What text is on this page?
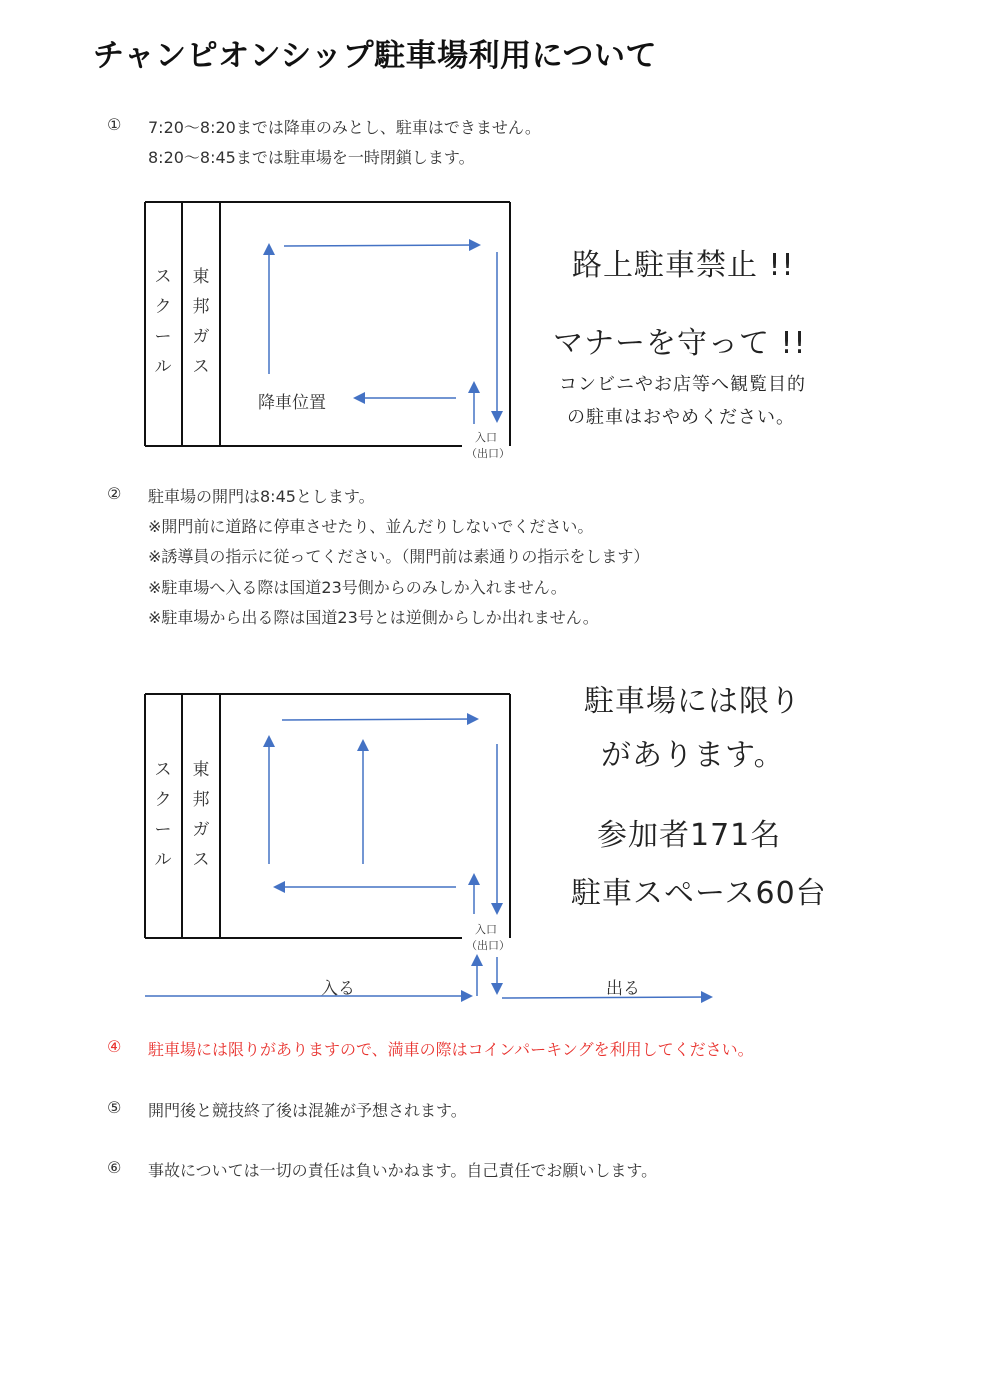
チャンピオンシップ駐車場利用について
① 7:20〜8:20までは降車のみとし、駐車はできません。
8:20〜8:45までは駐車場を一時閉鎖します。
ス
ク
ー
ル
東
邦
ガ
ス
降車位置
入口
（出口）
路上駐車禁止 !!
マナーを守って !!
コンビニやお店等へ観覧目的
の駐車はおやめください。
② 駐車場の開門は8:45とします。
※開門前に道路に停車させたり、並んだりしないでください。
※誘導員の指示に従ってください。（開門前は素通りの指示をします）
※駐車場へ入る際は国道23号側からのみしか入れません。
※駐車場から出る際は国道23号とは逆側からしか出れません。
ス
ク
ー
ル
東
邦
ガ
ス
入口
（出口）
入る	出る
駐車場には限り
があります。
参加者171名
駐車スペース60台
④ 駐車場には限りがありますので、満車の際はコインパーキングを利用してください。
⑤ 開門後と競技終了後は混雑が予想されます。
⑥ 事故については一切の責任は負いかねます。自己責任でお願いします。
